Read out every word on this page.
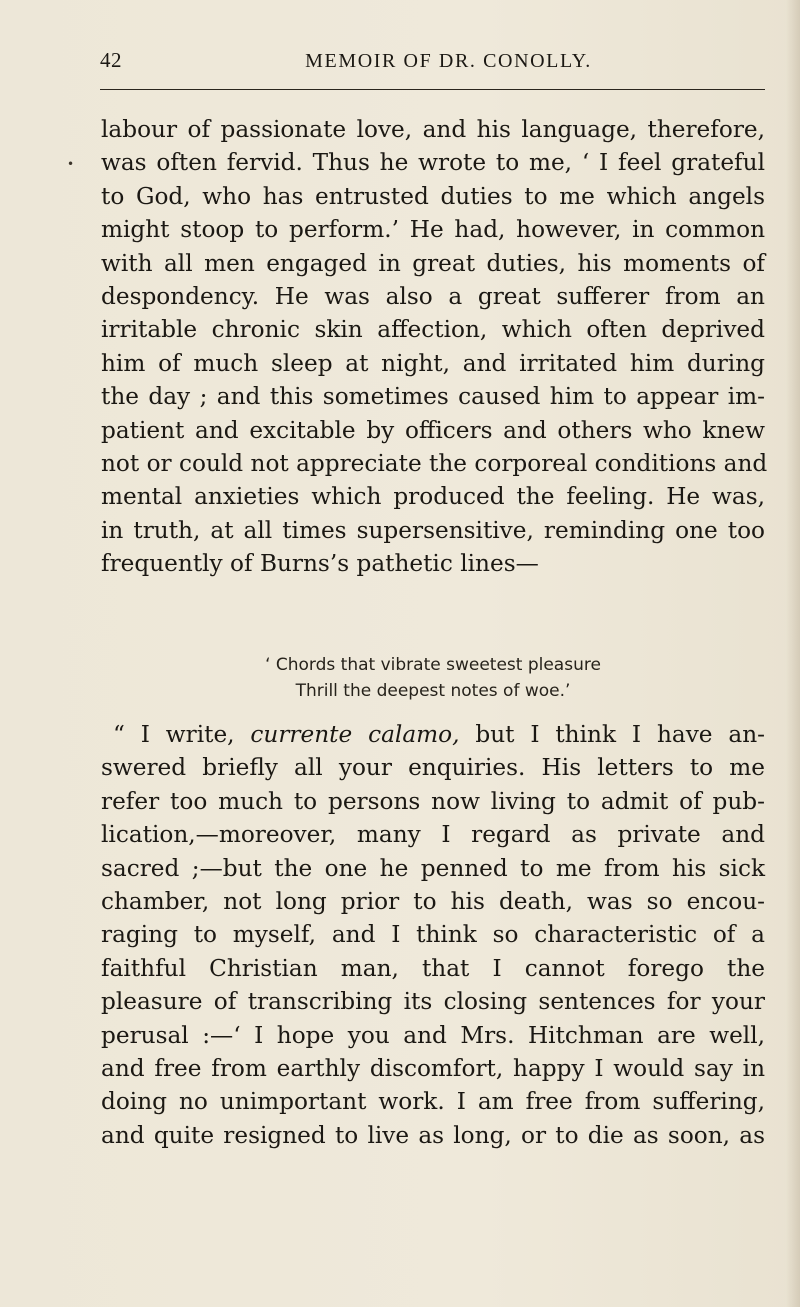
42	MEMOIR OF DR. CONOLLY.
•
labour of passionate love, and his language, therefore,
was often fervid. Thus he wrote to me, ‘ I feel grateful
to God, who has entrusted duties to me which angels
might stoop to perform.’ He had, however, in common
with all men engaged in great duties, his moments of
despondency. He was also a great sufferer from an
irritable chronic skin affection, which often deprived
him of much sleep at night, and irritated him during
the day ; and this sometimes caused him to appear im-
patient and excitable by officers and others who knew
not or could not appreciate the corporeal conditions and
mental anxieties which produced the feeling. He was,
in truth, at all times supersensitive, reminding one too
frequently of Burns’s pathetic lines—
‘ Chords that vibrate sweetest pleasure
Thrill the deepest notes of woe.’
“ I write, currente calamo, but I think I have an-
swered briefly all your enquiries. His letters to me
refer too much to persons now living to admit of pub-
lication,—moreover, many I regard as private and
sacred ;—but the one he penned to me from his sick
chamber, not long prior to his death, was so encou-
raging to myself, and I think so characteristic of a
faithful Christian man, that I cannot forego the
pleasure of transcribing its closing sentences for your
perusal :—‘ I hope you and Mrs. Hitchman are well,
and free from earthly discomfort, happy I would say in
doing no unimportant work. I am free from suffering,
and quite resigned to live as long, or to die as soon, as
